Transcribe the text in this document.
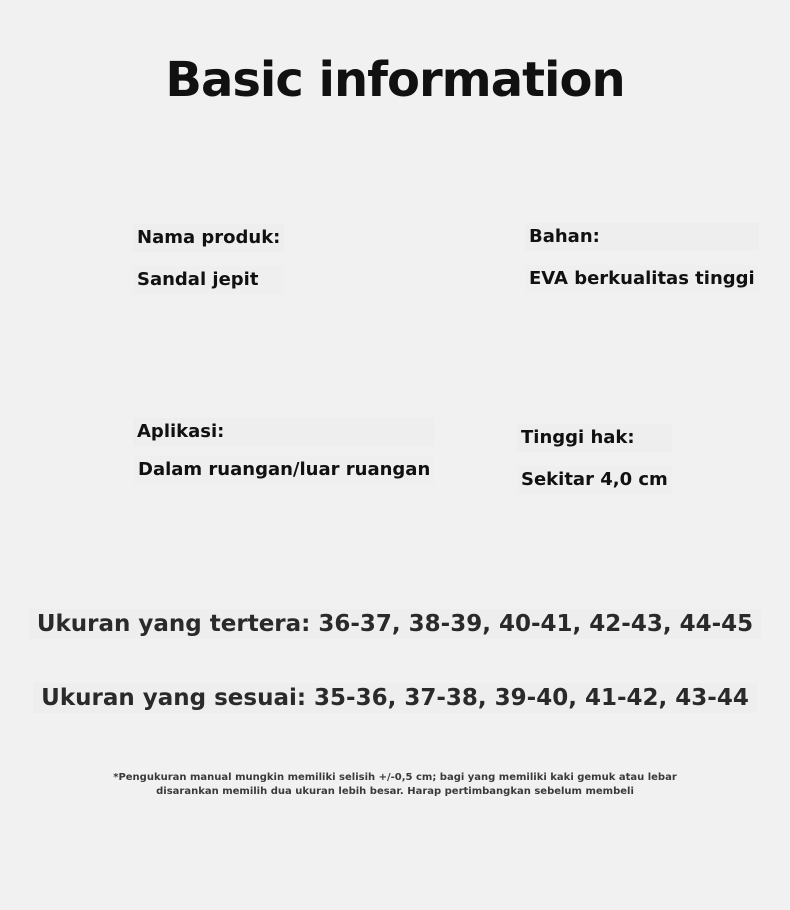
Basic information
Nama produk:
Sandal jepit
Bahan:
EVA berkualitas tinggi
Aplikasi:
Dalam ruangan/luar ruangan
Tinggi hak:
Sekitar 4,0 cm
Ukuran yang tertera: 36-37, 38-39, 40-41, 42-43, 44-45
Ukuran yang sesuai: 35-36, 37-38, 39-40, 41-42, 43-44
*Pengukuran manual mungkin memiliki selisih +/-0,5 cm; bagi yang memiliki kaki gemuk atau lebar
disarankan memilih dua ukuran lebih besar. Harap pertimbangkan sebelum membeli
